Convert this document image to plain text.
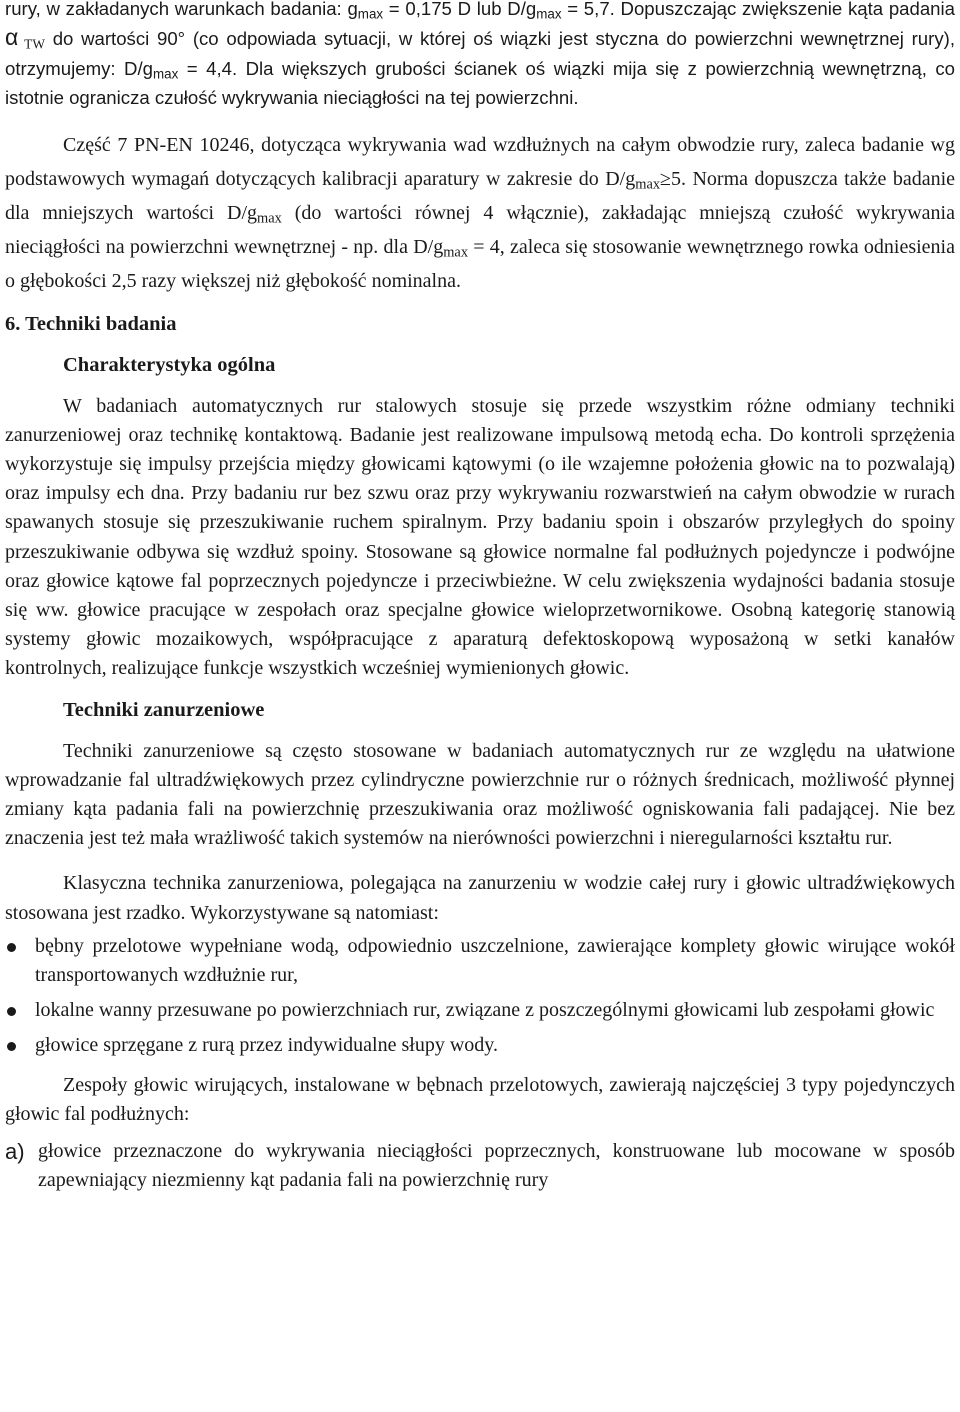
rury, w zakładanych warunkach badania: $g_{max} = 0,175$ D lub $D/g_{max} = 5,7$. Dopuszczając zwiększenie kąta padania α $_{TW}$ do wartości 90° (co odpowiada sytuacji, w której oś wiązki jest styczna do powierzchni wewnętrznej rury), otrzymujemy: $D/g_{max} = 4,4$. Dla większych grubości ścianek oś wiązki mija się z powierzchnią wewnętrzną, co istotnie ogranicza czułość wykrywania nieciągłości na tej powierzchni.

Część 7 PN-EN 10246, dotycząca wykrywania wad wzdłużnych na całym obwodzie rury, zaleca badanie wg podstawowych wymagań dotyczących kalibracji aparatury w zakresie do $D/g_{max}\ge 5$. Norma dopuszcza także badanie dla mniejszych wartości $D/g_{max}$ (do wartości równej 4 włącznie), zakładając mniejszą czułość wykrywania nieciągłości na powierzchni wewnętrznej - np. dla $D/g_{max} = 4$, zaleca się stosowanie wewnętrznego rowka odniesienia o głębokości 2,5 razy większej niż głębokość nominalna.

6. Techniki badania
Charakterystyka ogólna

W badaniach automatycznych rur stalowych stosuje się przede wszystkim różne odmiany techniki zanurzeniowej oraz technikę kontaktową. Badanie jest realizowane impulsową metodą echa. Do kontroli sprzężenia wykorzystuje się impulsy przejścia między głowicami kątowymi (o ile wzajemne położenia głowic na to pozwalają) oraz impulsy ech dna. Przy badaniu rur bez szwu oraz przy wykrywaniu rozwarstwień na całym obwodzie w rurach spawanych stosuje się przeszukiwanie ruchem spiralnym. Przy badaniu spoin i obszarów przyległych do spoiny przeszukiwanie odbywa się wzdłuż spoiny. Stosowane są głowice normalne fal podłużnych pojedyncze i podwójne oraz głowice kątowe fal poprzecznych pojedyncze i przeciwbieżne. W celu zwiększenia wydajności badania stosuje się ww. głowice pracujące w zespołach oraz specjalne głowice wieloprzetwornikowe. Osobną kategorię stanowią systemy głowic mozaikowych, współpracujące z aparaturą defektoskopową wyposażoną w setki kanałów kontrolnych, realizujące funkcje wszystkich wcześniej wymienionych głowic.

Techniki zanurzeniowe

Techniki zanurzeniowe są często stosowane w badaniach automatycznych rur ze względu na ułatwione wprowadzanie fal ultradźwiękowych przez cylindryczne powierzchnie rur o różnych średnicach, możliwość płynnej zmiany kąta padania fali na powierzchnię przeszukiwania oraz możliwość ogniskowania fali padającej. Nie bez znaczenia jest też mała wrażliwość takich systemów na nierówności powierzchni i nieregularności kształtu rur.

Klasyczna technika zanurzeniowa, polegająca na zanurzeniu w wodzie całej rury i głowic ultradźwiękowych stosowana jest rzadko. Wykorzystywane są natomiast:

bębny przelotowe wypełniane wodą, odpowiednio uszczelnione, zawierające komplety głowic wirujące wokół transportowanych wzdłużnie rur,
lokalne wanny przesuwane po powierzchniach rur, związane z poszczególnymi głowicami lub zespołami głowic
głowice sprzęgane z rurą przez indywidualne słupy wody.

Zespoły głowic wirujących, instalowane w bębnach przelotowych, zawierają najczęściej 3 typy pojedynczych głowic fal podłużnych:

a) głowice przeznaczone do wykrywania nieciągłości poprzecznych, konstruowane lub mocowane w sposób zapewniający niezmienny kąt padania fali na powierzchnię rury
